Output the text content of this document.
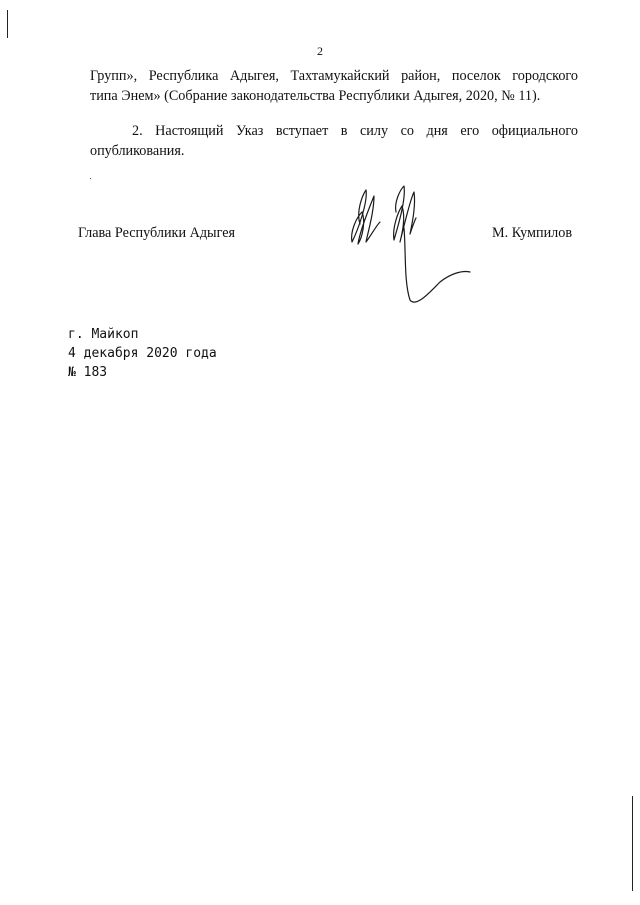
2

Групп», Республика Адыгея, Тахтамукайский район, поселок городского
типа Энем» (Собрание законодательства Республики Адыгея, 2020, № 11).

2. Настоящий Указ вступает в силу со дня его официального
опубликования.

Глава Республики Адыгея	М. Кумпилов
г. Майкоп
4 декабря 2020 года
№ 183
